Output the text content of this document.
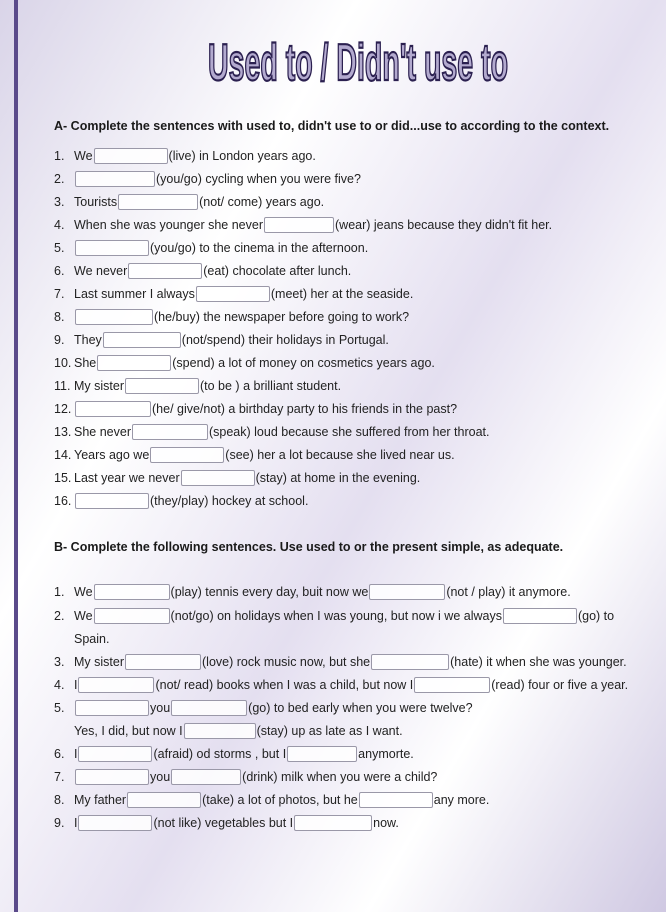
Used to / Didn't use to
A- Complete the sentences with used to, didn't use to or did...use to according to the context.
1. We	(live) in London years ago.
2.	(you/go) cycling when you were five?
3. Tourists	(not/ come) years ago.
4. When she was younger she never	(wear) jeans because they didn't fit her.
5.	(you/go) to the cinema in the afternoon.
6. We never	(eat) chocolate after lunch.
7. Last summer I always	(meet) her at the seaside.
8.	(he/buy) the newspaper before going to work?
9. They	(not/spend) their holidays in Portugal.
10. She	(spend) a lot of money on cosmetics years ago.
11. My sister	(to be ) a brilliant student.
12.	(he/ give/not) a birthday party to his friends in the past?
13. She never	(speak) loud because she suffered from her throat.
14. Years ago we	(see) her a lot because she lived near us.
15. Last year we never	(stay) at home in the evening.
16.	(they/play) hockey at school.
B- Complete the following sentences. Use used to or the present simple, as adequate.
1. We	(play) tennis every day, buit now we	(not / play) it anymore.
2. We	(not/go) on holidays when I was young, but now i we always	(go) to
Spain.
3. My sister	(love) rock music now, but she	(hate) it when she was younger.
4. I	(not/ read) books when I was a child, but now I	(read) four or five a year.
5.	you	(go) to bed early when you were twelve?
Yes, I did, but now I	(stay) up as late as I want.
6. I	(afraid) od storms , but I	anymorte.
7.	you	(drink) milk when you were a child?
8. My father	(take) a lot of photos, but he	any more.
9. I	(not like) vegetables but I	now.
